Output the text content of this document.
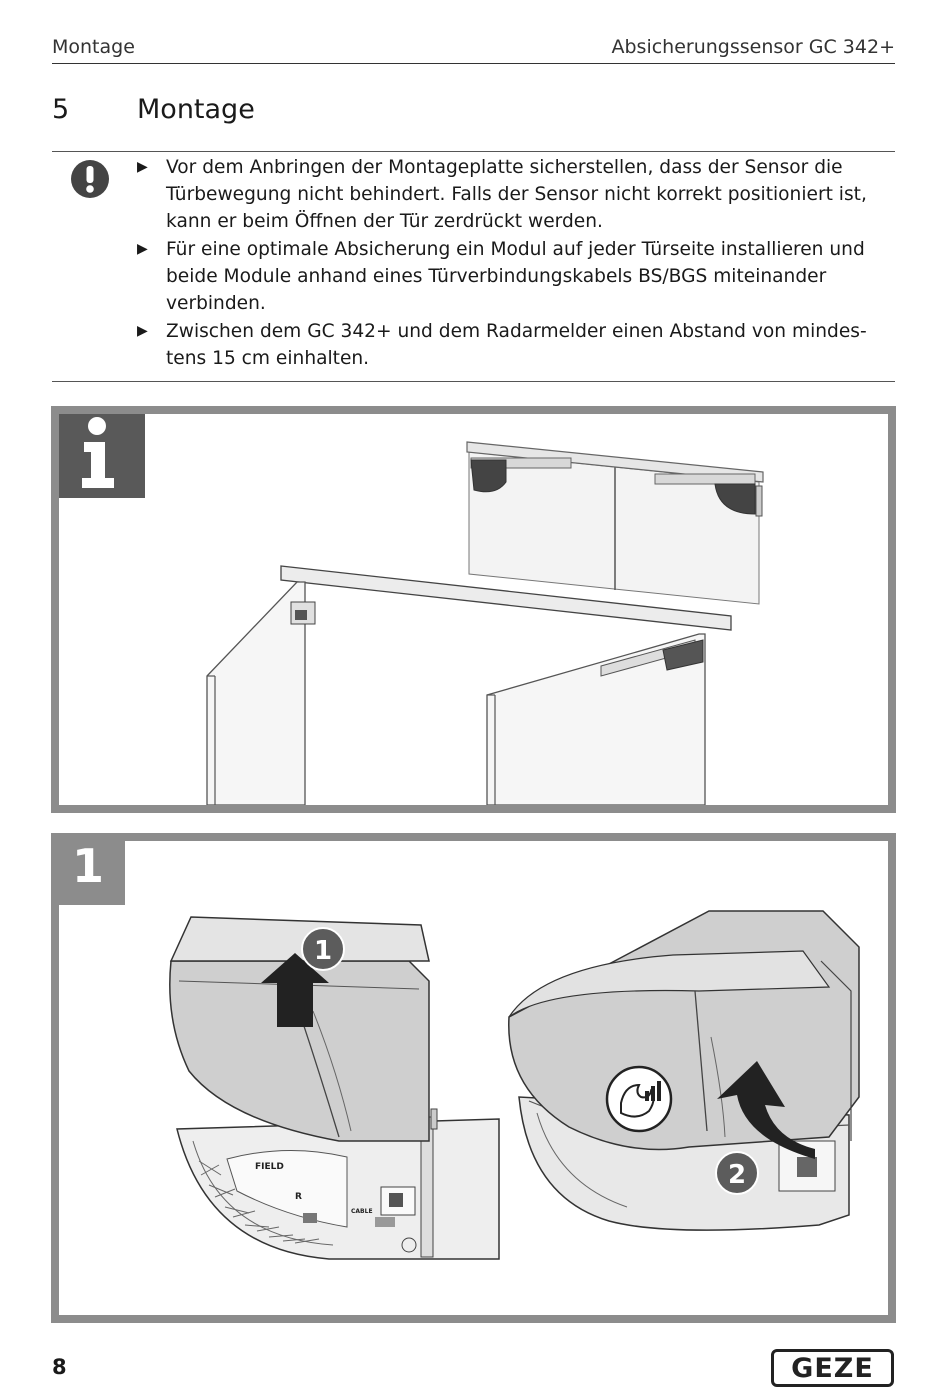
Montage	Absicherungssensor GC 342+
5	Montage
▶ Vor dem Anbringen der Montageplatte sicherstellen, dass der Sensor die Türbewegung nicht behindert. Falls der Sensor nicht korrekt positioniert ist, kann er beim Öffnen der Tür zerdrückt werden.
▶ Für eine optimale Absicherung ein Modul auf jeder Türseite installieren und beide Module anhand eines Türverbindungskabels BS/BGS miteinander verbinden.
▶ Zwischen dem GC 342+ und dem Radarmelder einen Abstand von mindes-tens 15 cm einhalten.
1
FIELD
R
CABLE
1
2
8	GEZE
